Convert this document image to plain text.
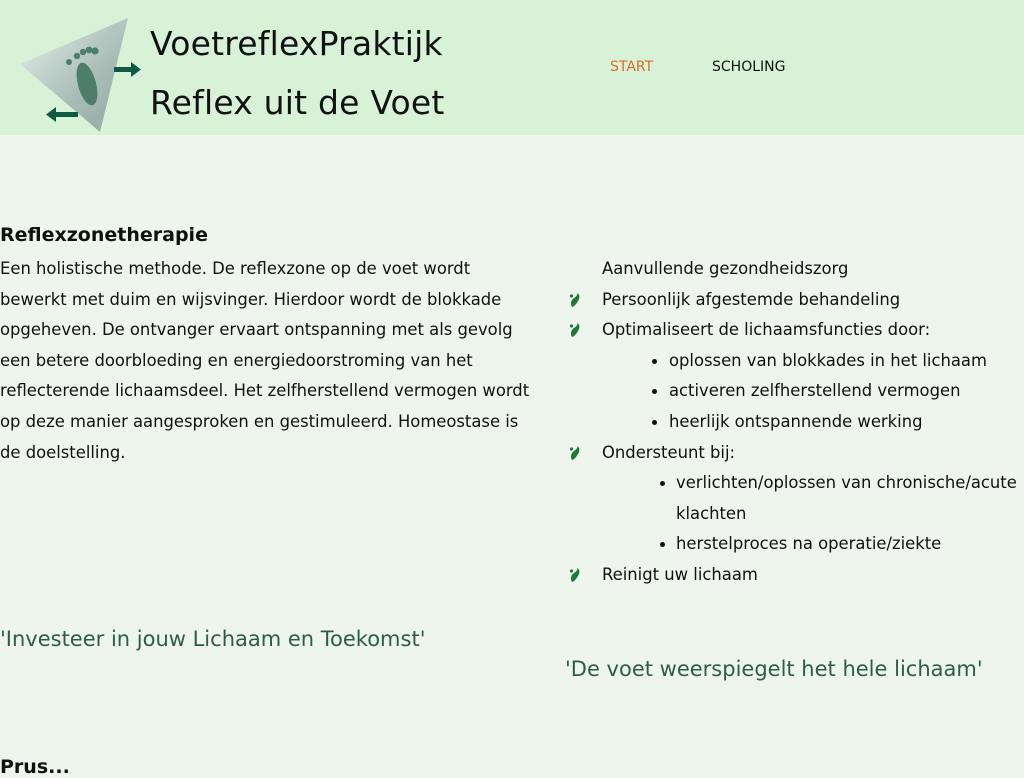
VoetreflexPraktijk
Reflex uit de Voet
START	SCHOLING
Reflexzonetherapie

Een holistische methode. De reflexzone op de voet wordt bewerkt met duim en wijsvinger. Hierdoor wordt de blokkade opgeheven. De ontvanger ervaart ontspanning met als gevolg een betere doorbloeding en energiedoorstroming van het reflecterende lichaamsdeel. Het zelfherstellend vermogen wordt op deze manier aangesproken en gestimuleerd. Homeostase is de doelstelling.

Aanvullende gezondheidszorg
Persoonlijk afgestemde behandeling
Optimaliseert de lichaamsfuncties door:
oplossen van blokkades in het lichaam
activeren zelfherstellend vermogen
heerlijk ontspannende werking
Ondersteunt bij:
verlichten/oplossen van chronische/acute klachten
herstelproces na operatie/ziekte
Reinigt uw lichaam
'Investeer in jouw Lichaam en Toekomst'
'De voet weerspiegelt het hele lichaam'
Prus...
